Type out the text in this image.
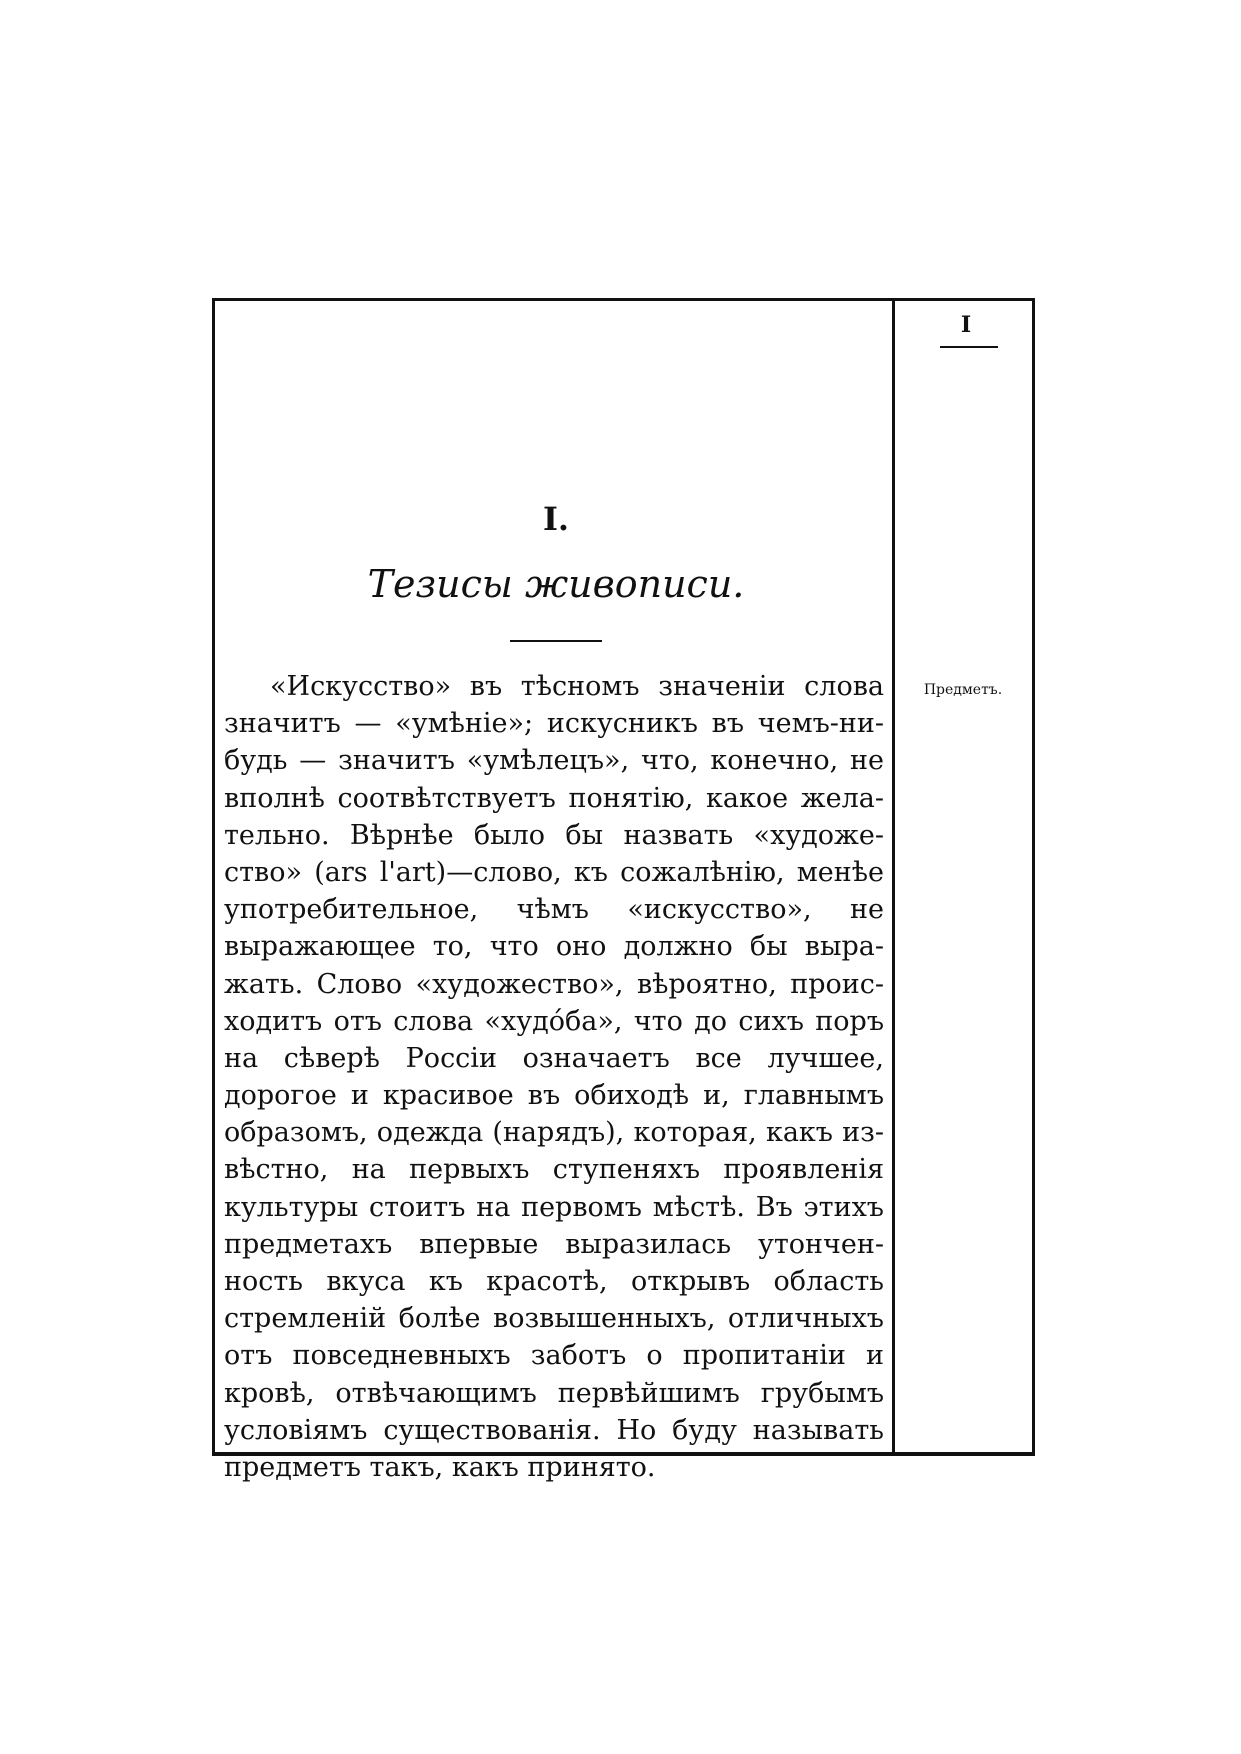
I
I.
Тезисы живописи.
«Искусство» въ тѣсномъ значеніи слова
значитъ — «умѣніе»; искусникъ въ чемъ-ни-
будь — значитъ «умѣлецъ», что, конечно, не
вполнѣ соотвѣтствуетъ понятію, какое жела-
тельно. Вѣрнѣе было бы назвать «художе-
ство» (ars l'art)—слово, къ сожалѣнію, менѣе
употребительное, чѣмъ «искусство», не
выражающее то, что оно должно бы выра-
жать. Слово «художество», вѣроятно, проис-
ходитъ отъ слова «худóба», что до сихъ поръ
на сѣверѣ Россіи означаетъ все лучшее,
дорогое и красивое въ обиходѣ и, главнымъ
образомъ, одежда (нарядъ), которая, какъ из-
вѣстно, на первыхъ ступеняхъ проявленія
культуры стоитъ на первомъ мѣстѣ. Въ этихъ
предметахъ впервые выразилась утончен-
ность вкуса къ красотѣ, открывъ область
стремленій болѣе возвышенныхъ, отличныхъ
отъ повседневныхъ заботъ о пропитаніи и
кровѣ, отвѣчающимъ первѣйшимъ грубымъ
условіямъ существованія. Но буду называть
предметъ такъ, какъ принято.
Предметъ.
